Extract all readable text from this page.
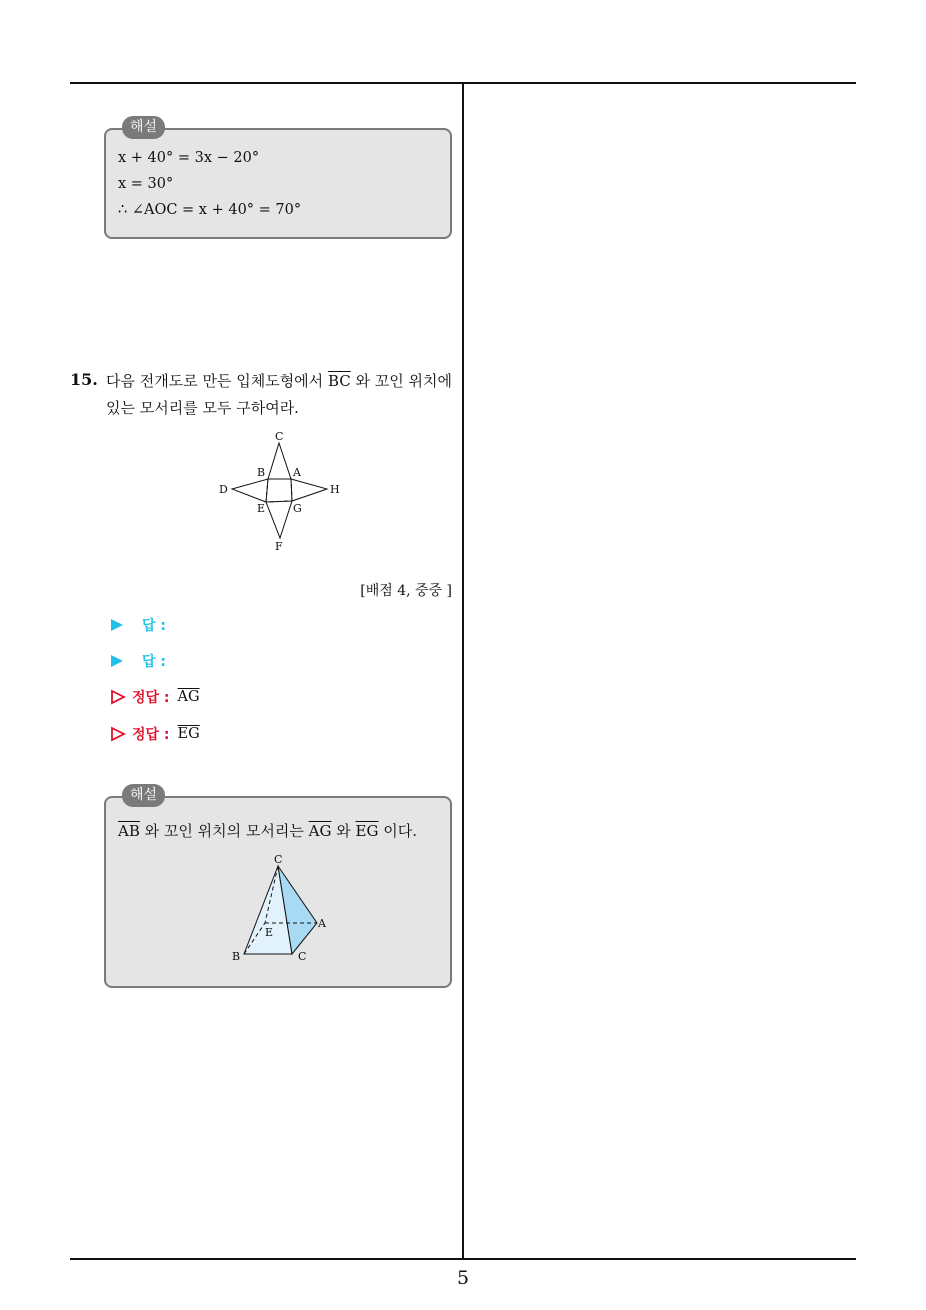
해설
x + 40° = 3x − 20°
x = 30°
∴ ∠AOC = x + 40° = 70°
15. 다음 전개도로 만든 입체도형에서 $\overline{BC}$ 와 꼬인 위치에
있는 모서리를 모두 구하여라.
C
B	A
D	H
E	G
F
[배점 4, 중중 ]
답 :
답 :
정답 : $\overline{AG}$
정답 : $\overline{EG}$
해설
$\overline{AB}$ 와 꼬인 위치의 모서리는 $\overline{AG}$ 와 $\overline{EG}$ 이다.
C
A
E
B	C
5
